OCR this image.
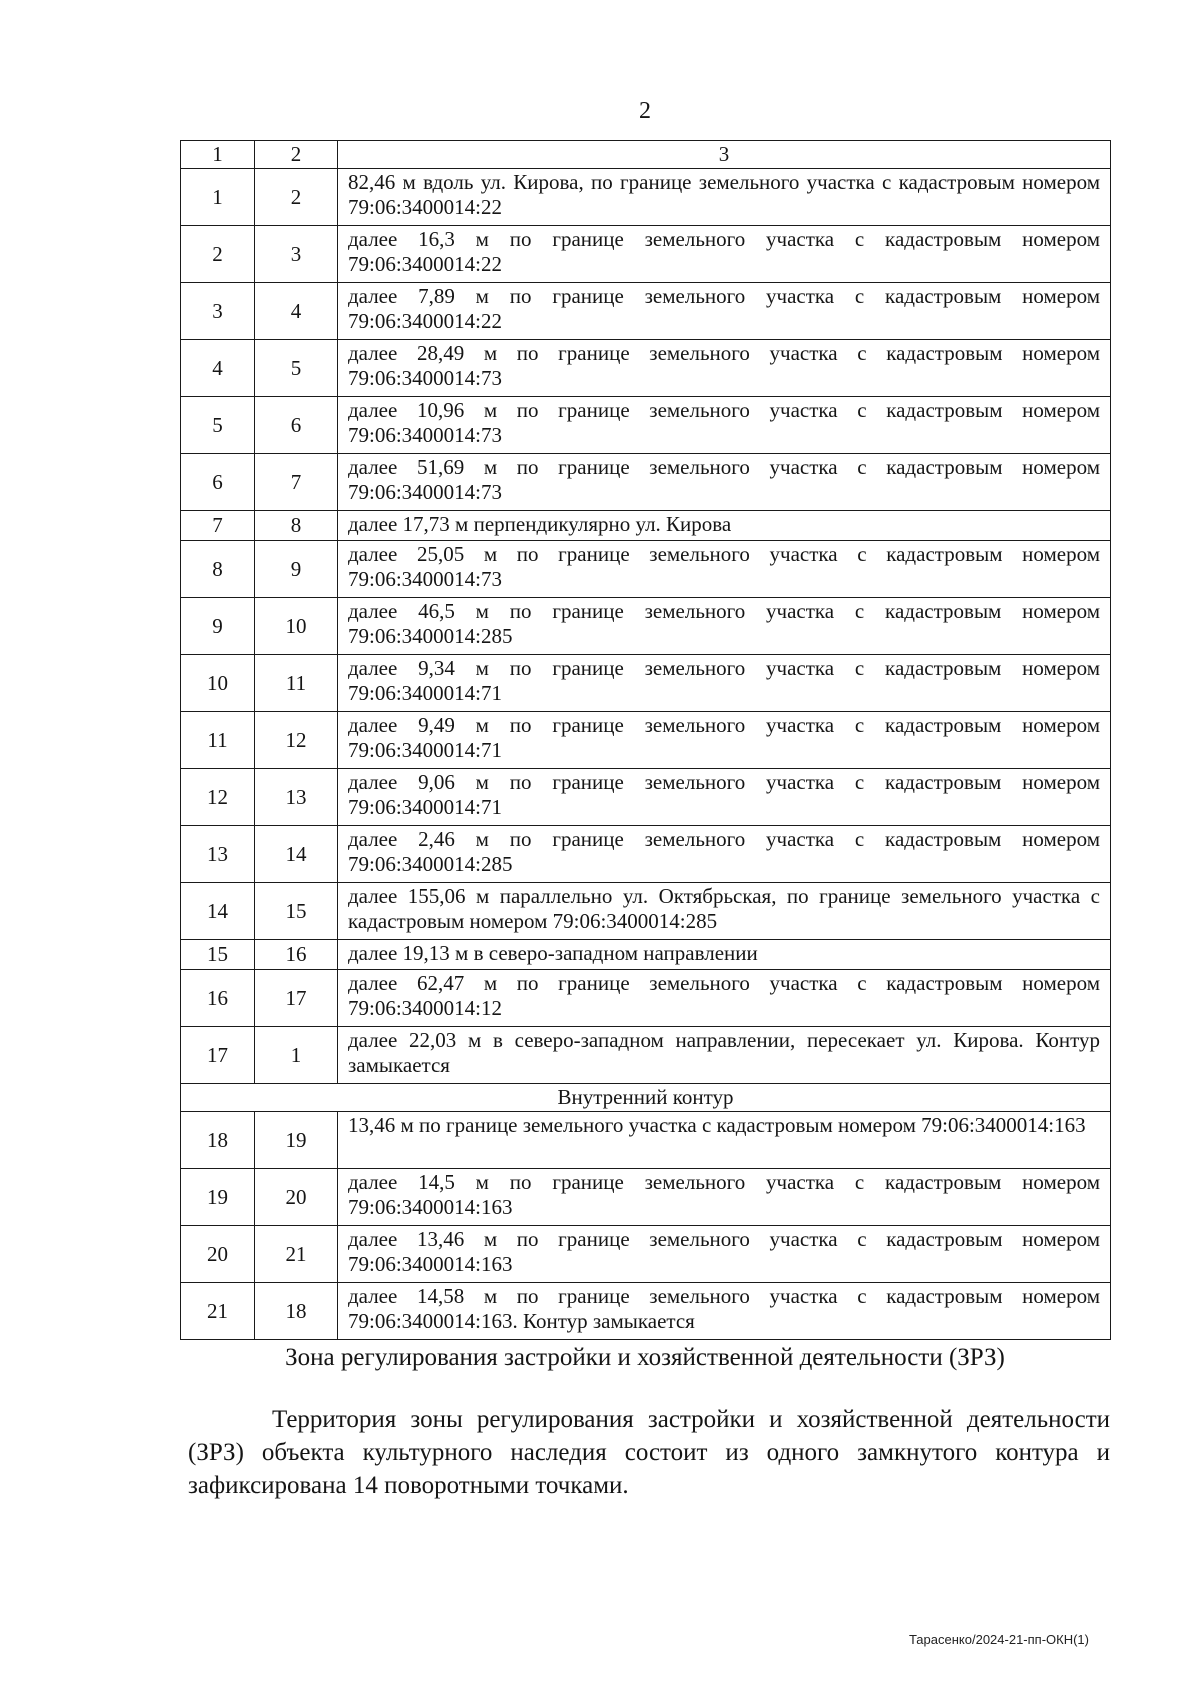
2
1	2	3
1	2	82,46 м вдоль ул. Кирова, по границе земельного участка с кадастровым номером 79:06:3400014:22
2	3	далее 16,3 м по границе земельного участка с кадастровым номером 79:06:3400014:22
3	4	далее 7,89 м по границе земельного участка с кадастровым номером 79:06:3400014:22
4	5	далее 28,49 м по границе земельного участка с кадастровым номером 79:06:3400014:73
5	6	далее 10,96 м по границе земельного участка с кадастровым номером 79:06:3400014:73
6	7	далее 51,69 м по границе земельного участка с кадастровым номером 79:06:3400014:73
7	8	далее 17,73 м перпендикулярно ул. Кирова
8	9	далее 25,05 м по границе земельного участка с кадастровым номером 79:06:3400014:73
9	10	далее 46,5 м по границе земельного участка с кадастровым номером 79:06:3400014:285
10	11	далее 9,34 м по границе земельного участка с кадастровым номером 79:06:3400014:71
11	12	далее 9,49 м по границе земельного участка с кадастровым номером 79:06:3400014:71
12	13	далее 9,06 м по границе земельного участка с кадастровым номером 79:06:3400014:71
13	14	далее 2,46 м по границе земельного участка с кадастровым номером 79:06:3400014:285
14	15	далее 155,06 м параллельно ул. Октябрьская, по границе земельного участка с кадастровым номером 79:06:3400014:285
15	16	далее 19,13 м в северо-западном направлении
16	17	далее 62,47 м по границе земельного участка с кадастровым номером 79:06:3400014:12
17	1	далее 22,03 м в северо-западном направлении, пересекает ул. Кирова. Контур замыкается
Внутренний контур		
18	19	13,46 м по границе земельного участка с кадастровым номером 79:06:3400014:163
19	20	далее 14,5 м по границе земельного участка с кадастровым номером 79:06:3400014:163
20	21	далее 13,46 м по границе земельного участка с кадастровым номером 79:06:3400014:163
21	18	далее 14,58 м по границе земельного участка с кадастровым номером 79:06:3400014:163. Контур замыкается
Зона регулирования застройки и хозяйственной деятельности (ЗРЗ)
Территория зоны регулирования застройки и хозяйственной деятельности (ЗРЗ) объекта культурного наследия состоит из одного замкнутого контура и зафиксирована 14 поворотными точками.
Тарасенко/2024-21-пп-ОКН(1)
